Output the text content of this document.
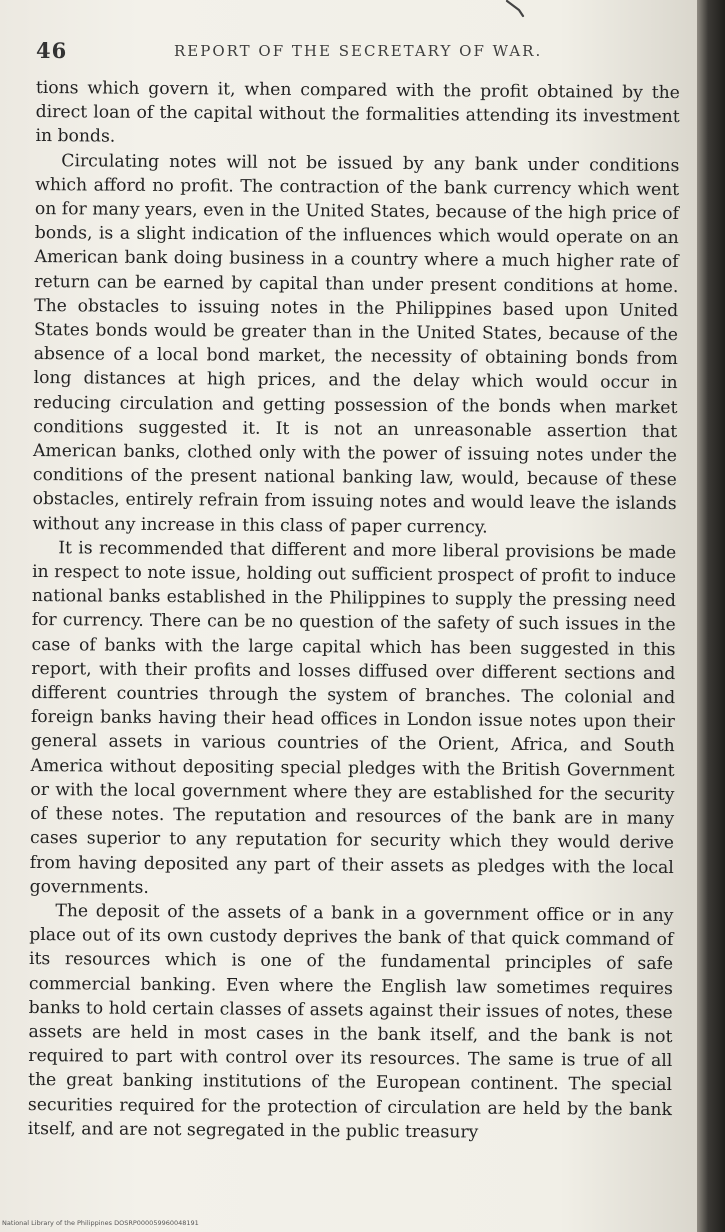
46	REPORT OF THE SECRETARY OF WAR.

tions which govern it, when compared with the profit obtained by the direct loan of the capital without the formalities attending its investment in bonds.

Circulating notes will not be issued by any bank under conditions which afford no profit. The contraction of the bank currency which went on for many years, even in the United States, because of the high price of bonds, is a slight indication of the influences which would operate on an American bank doing business in a country where a much higher rate of return can be earned by capital than under present conditions at home. The obstacles to issuing notes in the Philippines based upon United States bonds would be greater than in the United States, because of the absence of a local bond market, the necessity of obtaining bonds from long distances at high prices, and the delay which would occur in reducing circulation and getting possession of the bonds when market conditions suggested it. It is not an unreasonable assertion that American banks, clothed only with the power of issuing notes under the conditions of the present national banking law, would, because of these obstacles, entirely refrain from issuing notes and would leave the islands without any increase in this class of paper currency.

It is recommended that different and more liberal provisions be made in respect to note issue, holding out sufficient prospect of profit to induce national banks established in the Philippines to supply the pressing need for currency. There can be no question of the safety of such issues in the case of banks with the large capital which has been suggested in this report, with their profits and losses diffused over different sections and different countries through the system of branches. The colonial and foreign banks having their head offices in London issue notes upon their general assets in various countries of the Orient, Africa, and South America without depositing special pledges with the British Government or with the local government where they are established for the security of these notes. The reputation and resources of the bank are in many cases superior to any reputation for security which they would derive from having deposited any part of their assets as pledges with the local governments.

The deposit of the assets of a bank in a government office or in any place out of its own custody deprives the bank of that quick command of its resources which is one of the fundamental principles of safe commercial banking. Even where the English law sometimes requires banks to hold certain classes of assets against their issues of notes, these assets are held in most cases in the bank itself, and the bank is not required to part with control over its resources. The same is true of all the great banking institutions of the European continent. The special securities required for the protection of circulation are held by the bank itself, and are not segregated in the public treasury

National Library of the Philippines DOSRP000059960048191
